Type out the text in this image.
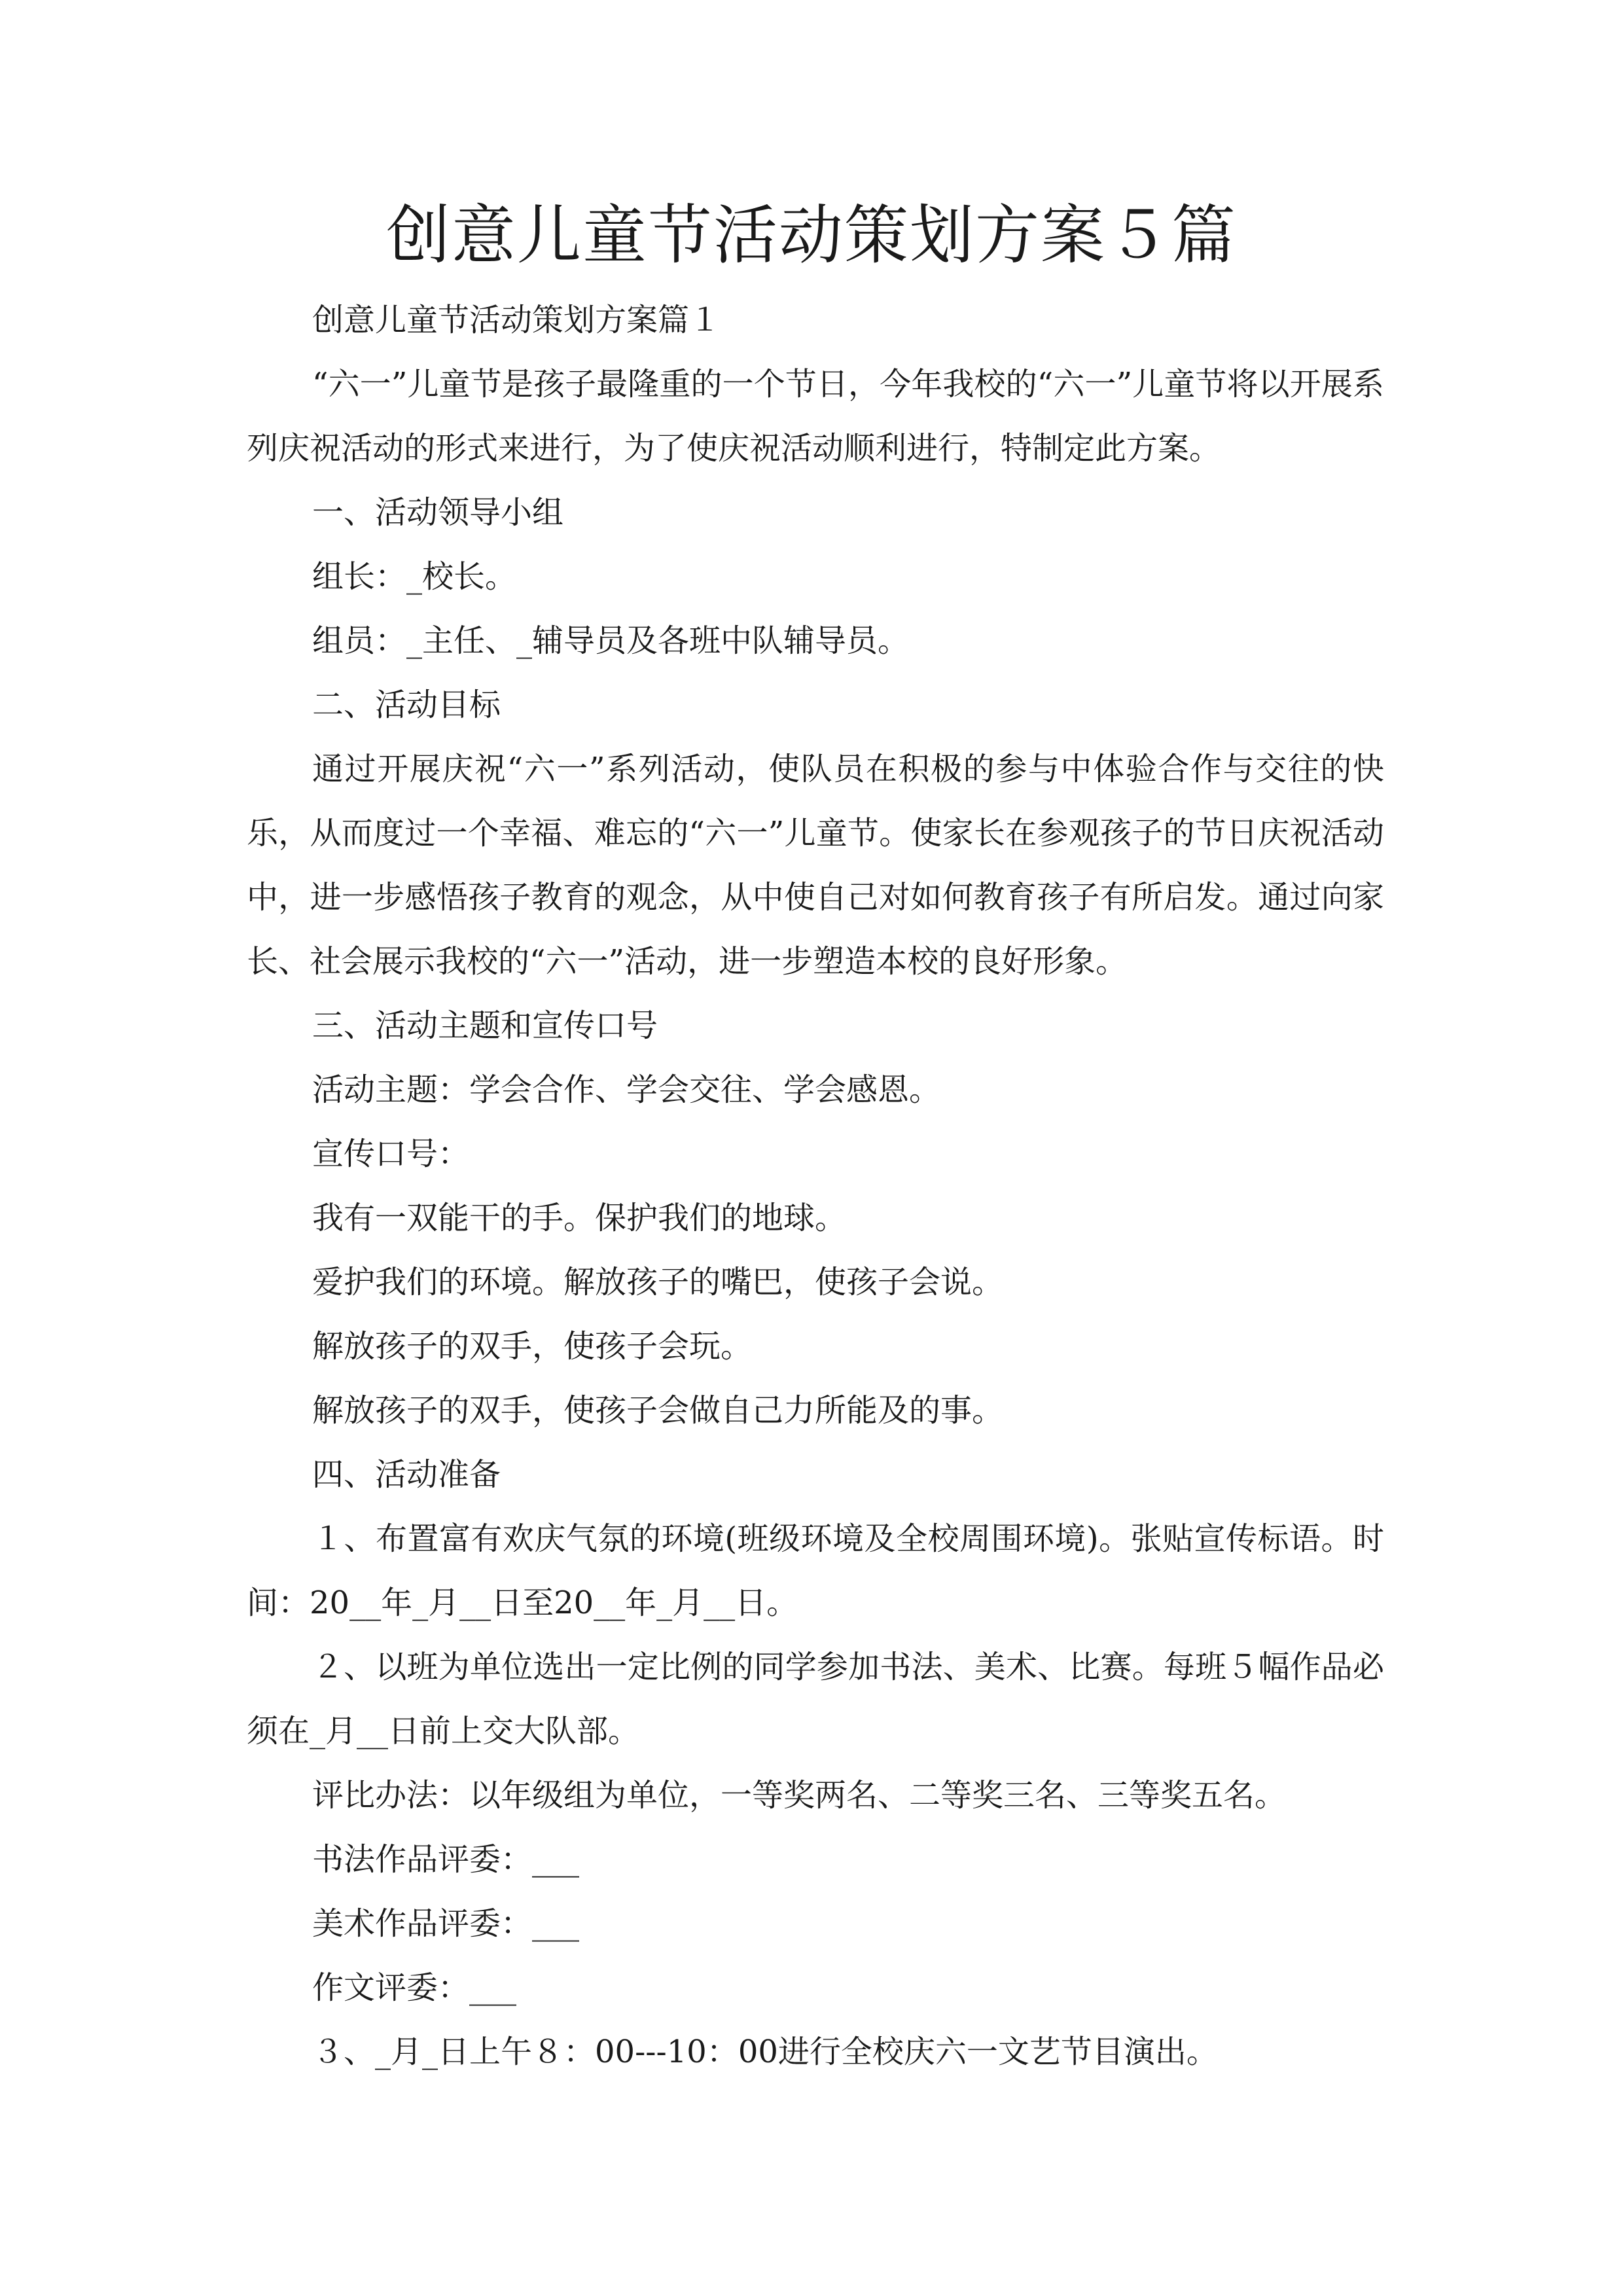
创意儿童节活动策划方案５篇

创意儿童节活动策划方案篇１

“六一”儿童节是孩子最隆重的一个节日，今年我校的“六一”儿童节将以开展系列庆祝活动的形式来进行，为了使庆祝活动顺利进行，特制定此方案。

一、活动领导小组

组长：_校长。

组员：_主任、_辅导员及各班中队辅导员。

二、活动目标

通过开展庆祝“六一”系列活动，使队员在积极的参与中体验合作与交往的快乐，从而度过一个幸福、难忘的“六一”儿童节。使家长在参观孩子的节日庆祝活动中，进一步感悟孩子教育的观念，从中使自己对如何教育孩子有所启发。通过向家长、社会展示我校的“六一”活动，进一步塑造本校的良好形象。

三、活动主题和宣传口号

活动主题：学会合作、学会交往、学会感恩。

宣传口号：

我有一双能干的手。保护我们的地球。

爱护我们的环境。解放孩子的嘴巴，使孩子会说。

解放孩子的双手，使孩子会玩。

解放孩子的双手，使孩子会做自己力所能及的事。

四、活动准备

１、布置富有欢庆气氛的环境(班级环境及全校周围环境)。张贴宣传标语。时间：20__年_月__日至20__年_月__日。

２、以班为单位选出一定比例的同学参加书法、美术、比赛。每班５幅作品必须在_月__日前上交大队部。

评比办法：以年级组为单位，一等奖两名、二等奖三名、三等奖五名。

书法作品评委：___

美术作品评委：___

作文评委：___

３、_月_日上午８：00---10：00进行全校庆六一文艺节目演出。
